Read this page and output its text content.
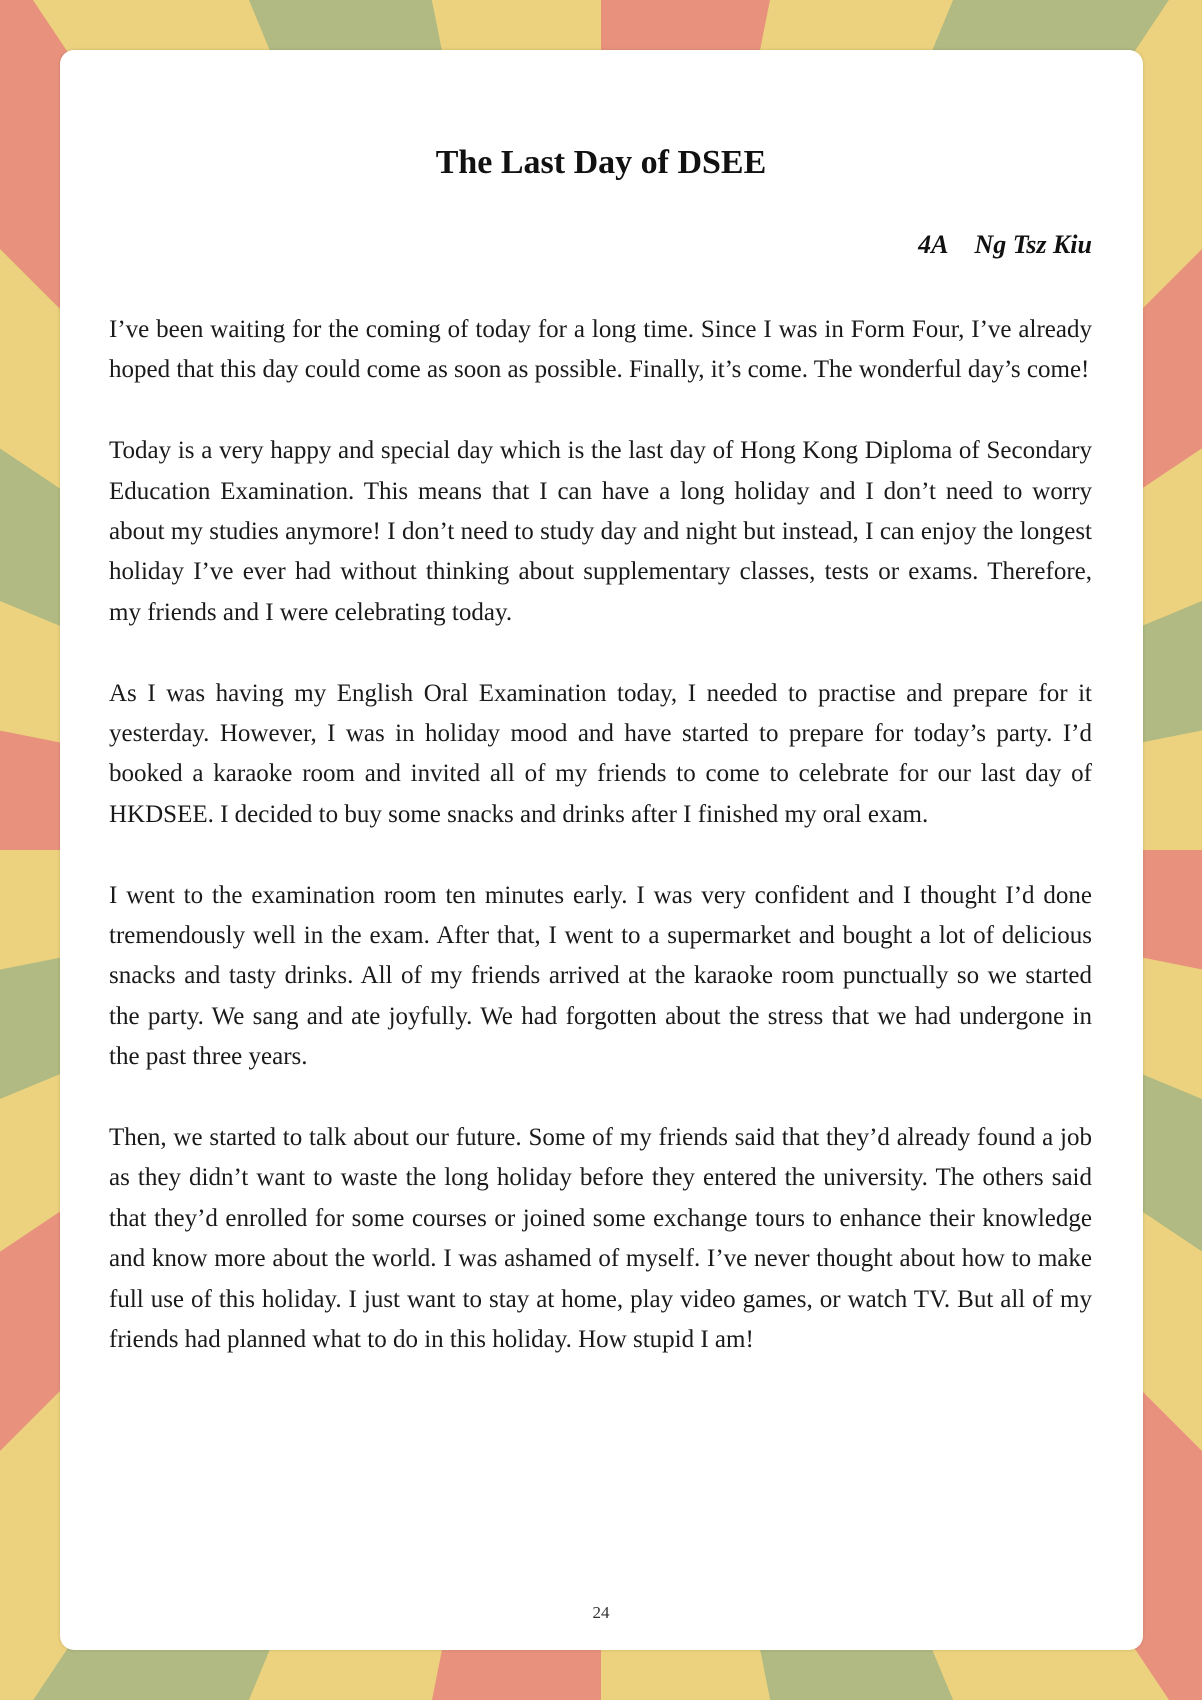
The Last Day of DSEE
4A Ng Tsz Kiu

I’ve been waiting for the coming of today for a long time. Since I was in Form Four, I’ve already hoped that this day could come as soon as possible. Finally, it’s come. The wonderful day’s come!

Today is a very happy and special day which is the last day of Hong Kong Diploma of Secondary Education Examination. This means that I can have a long holiday and I don’t need to worry about my studies anymore! I don’t need to study day and night but instead, I can enjoy the longest holiday I’ve ever had without thinking about supplementary classes, tests or exams. Therefore, my friends and I were celebrating today.

As I was having my English Oral Examination today, I needed to practise and prepare for it yesterday. However, I was in holiday mood and have started to prepare for today’s party. I’d booked a karaoke room and invited all of my friends to come to celebrate for our last day of HKDSEE. I decided to buy some snacks and drinks after I finished my oral exam.

I went to the examination room ten minutes early. I was very confident and I thought I’d done tremendously well in the exam. After that, I went to a supermarket and bought a lot of delicious snacks and tasty drinks. All of my friends arrived at the karaoke room punctually so we started the party. We sang and ate joyfully. We had forgotten about the stress that we had undergone in the past three years.

Then, we started to talk about our future. Some of my friends said that they’d already found a job as they didn’t want to waste the long holiday before they entered the university. The others said that they’d enrolled for some courses or joined some exchange tours to enhance their knowledge and know more about the world. I was ashamed of myself. I’ve never thought about how to make full use of this holiday. I just want to stay at home, play video games, or watch TV. But all of my friends had planned what to do in this holiday. How stupid I am!

24
